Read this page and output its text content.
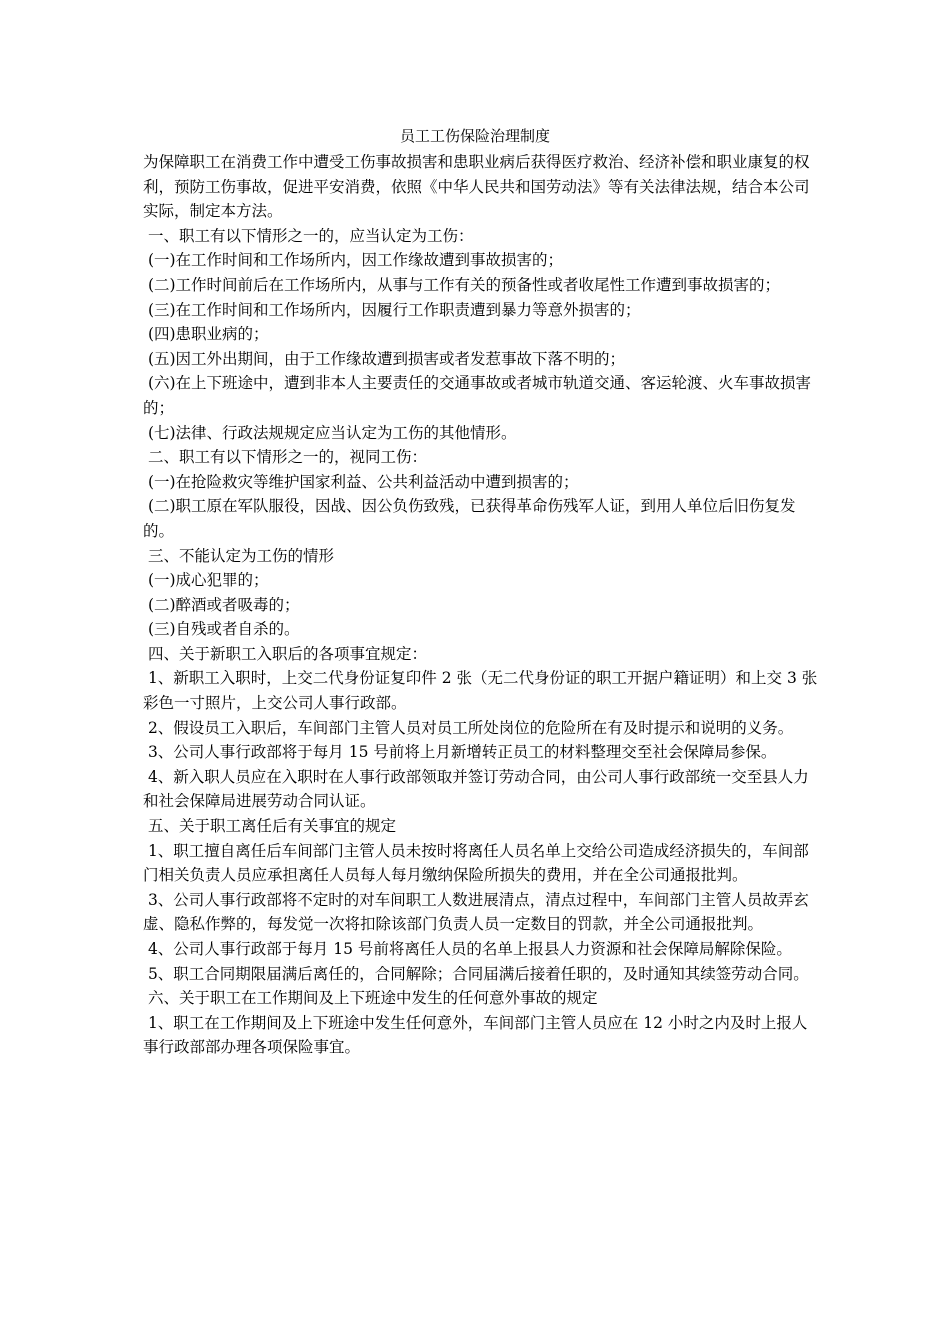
员工工伤保险治理制度

为保障职工在消费工作中遭受工伤事故损害和患职业病后获得医疗救治、经济补偿和职业康复的权利，预防工伤事故，促进平安消费，依照《中华人民共和国劳动法》等有关法律法规，结合本公司实际，制定本方法。

一、职工有以下情形之一的，应当认定为工伤：

(一)在工作时间和工作场所内，因工作缘故遭到事故损害的；

(二)工作时间前后在工作场所内，从事与工作有关的预备性或者收尾性工作遭到事故损害的；

(三)在工作时间和工作场所内，因履行工作职责遭到暴力等意外损害的；

(四)患职业病的；

(五)因工外出期间，由于工作缘故遭到损害或者发惹事故下落不明的；

(六)在上下班途中，遭到非本人主要责任的交通事故或者城市轨道交通、客运轮渡、火车事故损害的；

(七)法律、行政法规规定应当认定为工伤的其他情形。

二、职工有以下情形之一的，视同工伤：

(一)在抢险救灾等维护国家利益、公共利益活动中遭到损害的；

(二)职工原在军队服役，因战、因公负伤致残，已获得革命伤残军人证，到用人单位后旧伤复发的。

三、不能认定为工伤的情形

(一)成心犯罪的；

(二)醉酒或者吸毒的；

(三)自残或者自杀的。

四、关于新职工入职后的各项事宜规定：

1、新职工入职时，上交二代身份证复印件 2 张（无二代身份证的职工开据户籍证明）和上交 3 张彩色一寸照片，上交公司人事行政部。

2、假设员工入职后，车间部门主管人员对员工所处岗位的危险所在有及时提示和说明的义务。

3、公司人事行政部将于每月 15 号前将上月新增转正员工的材料整理交至社会保障局参保。

4、新入职人员应在入职时在人事行政部领取并签订劳动合同，由公司人事行政部统一交至县人力和社会保障局进展劳动合同认证。

五、关于职工离任后有关事宜的规定

1、职工擅自离任后车间部门主管人员未按时将离任人员名单上交给公司造成经济损失的，车间部门相关负责人员应承担离任人员每人每月缴纳保险所损失的费用，并在全公司通报批判。

3、公司人事行政部将不定时的对车间职工人数进展清点，清点过程中，车间部门主管人员故弄玄虚、隐私作弊的，每发觉一次将扣除该部门负责人员一定数目的罚款，并全公司通报批判。

4、公司人事行政部于每月 15 号前将离任人员的名单上报县人力资源和社会保障局解除保险。

5、职工合同期限届满后离任的，合同解除；合同届满后接着任职的，及时通知其续签劳动合同。

六、关于职工在工作期间及上下班途中发生的任何意外事故的规定

1、职工在工作期间及上下班途中发生任何意外，车间部门主管人员应在 12 小时之内及时上报人事行政部部办理各项保险事宜。
